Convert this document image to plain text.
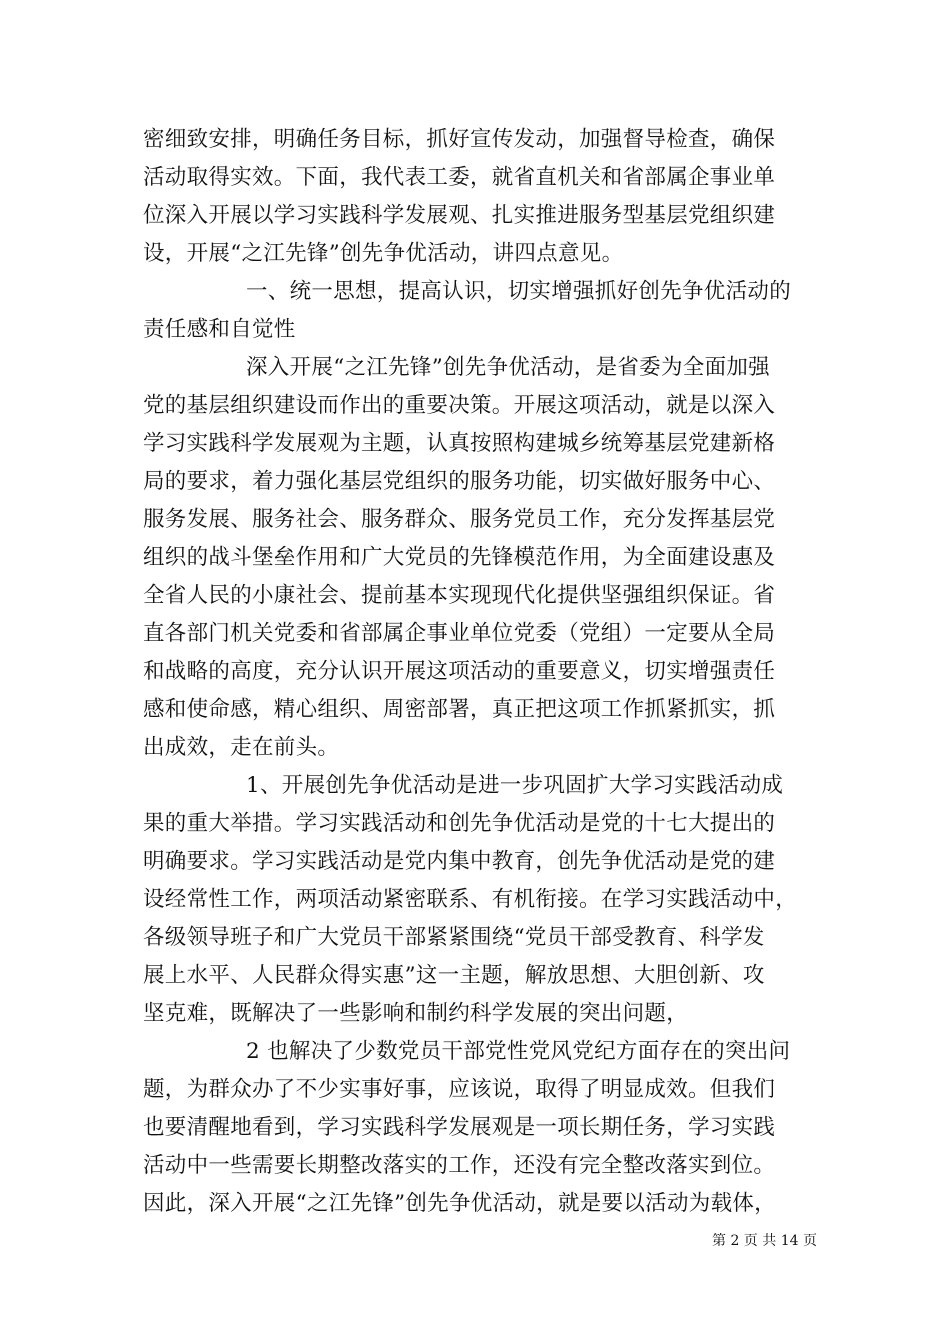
密细致安排，明确任务目标，抓好宣传发动，加强督导检查，确保
活动取得实效。下面，我代表工委，就省直机关和省部属企事业单
位深入开展以学习实践科学发展观、扎实推进服务型基层党组织建
设，开展“之江先锋”创先争优活动，讲四点意见。
一、统一思想，提高认识，切实增强抓好创先争优活动的
责任感和自觉性
深入开展“之江先锋”创先争优活动，是省委为全面加强
党的基层组织建设而作出的重要决策。开展这项活动，就是以深入
学习实践科学发展观为主题，认真按照构建城乡统筹基层党建新格
局的要求，着力强化基层党组织的服务功能，切实做好服务中心、
服务发展、服务社会、服务群众、服务党员工作，充分发挥基层党
组织的战斗堡垒作用和广大党员的先锋模范作用，为全面建设惠及
全省人民的小康社会、提前基本实现现代化提供坚强组织保证。省
直各部门机关党委和省部属企事业单位党委（党组）一定要从全局
和战略的高度，充分认识开展这项活动的重要意义，切实增强责任
感和使命感，精心组织、周密部署，真正把这项工作抓紧抓实，抓
出成效，走在前头。
1、开展创先争优活动是进一步巩固扩大学习实践活动成
果的重大举措。学习实践活动和创先争优活动是党的十七大提出的
明确要求。学习实践活动是党内集中教育，创先争优活动是党的建
设经常性工作，两项活动紧密联系、有机衔接。在学习实践活动中，
各级领导班子和广大党员干部紧紧围绕“党员干部受教育、科学发
展上水平、人民群众得实惠”这一主题，解放思想、大胆创新、攻
坚克难，既解决了一些影响和制约科学发展的突出问题，
2 也解决了少数党员干部党性党风党纪方面存在的突出问
题，为群众办了不少实事好事，应该说，取得了明显成效。但我们
也要清醒地看到，学习实践科学发展观是一项长期任务，学习实践
活动中一些需要长期整改落实的工作，还没有完全整改落实到位。
因此，深入开展“之江先锋”创先争优活动，就是要以活动为载体，
第 2 页 共 14 页
